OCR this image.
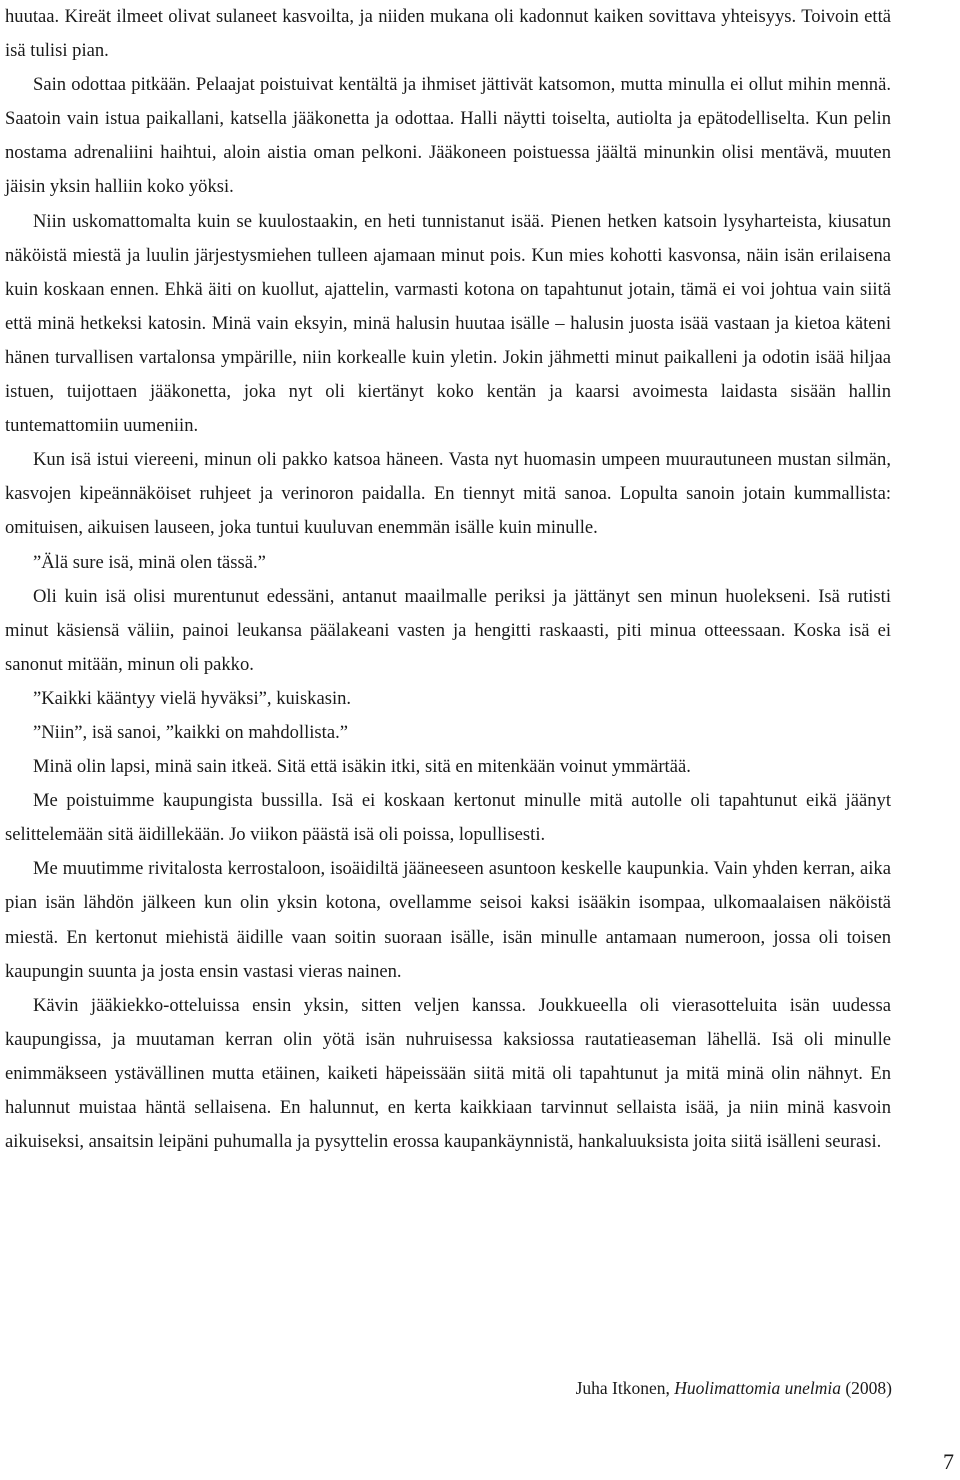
huutaa. Kireät ilmeet olivat sulaneet kasvoilta, ja niiden mukana oli kadonnut kaiken sovittava yhteisyys. Toivoin että isä tulisi pian.

Sain odottaa pitkään. Pelaajat poistuivat kentältä ja ihmiset jättivät katsomon, mutta minulla ei ollut mihin mennä. Saatoin vain istua paikallani, katsella jääkonetta ja odottaa. Halli näytti toiselta, autiolta ja epätodelliselta. Kun pelin nostama adrenaliini haihtui, aloin aistia oman pelkoni. Jääkoneen poistuessa jäältä minunkin olisi mentävä, muuten jäisin yksin halliin koko yöksi.

Niin uskomattomalta kuin se kuulostaakin, en heti tunnistanut isää. Pienen hetken katsoin lysyharteista, kiusatun näköistä miestä ja luulin järjestysmiehen tulleen ajamaan minut pois. Kun mies kohotti kasvonsa, näin isän erilaisena kuin koskaan ennen. Ehkä äiti on kuollut, ajattelin, varmasti kotona on tapahtunut jotain, tämä ei voi johtua vain siitä että minä hetkeksi katosin. Minä vain eksyin, minä halusin huutaa isälle – halusin juosta isää vastaan ja kietoa käteni hänen turvallisen vartalonsa ympärille, niin korkealle kuin yletin. Jokin jähmetti minut paikalleni ja odotin isää hiljaa istuen, tuijottaen jääkonetta, joka nyt oli kiertänyt koko kentän ja kaarsi avoimesta laidasta sisään hallin tuntemattomiin uumeniin.

Kun isä istui viereeni, minun oli pakko katsoa häneen. Vasta nyt huomasin umpeen muurautuneen mustan silmän, kasvojen kipeännäköiset ruhjeet ja verinoron paidalla. En tiennyt mitä sanoa. Lopulta sanoin jotain kummallista: omituisen, aikuisen lauseen, joka tuntui kuuluvan enemmän isälle kuin minulle.

”Älä sure isä, minä olen tässä.”

Oli kuin isä olisi murentunut edessäni, antanut maailmalle periksi ja jättänyt sen minun huolekseni. Isä rutisti minut käsiensä väliin, painoi leukansa päälakeani vasten ja hengitti raskaasti, piti minua otteessaan. Koska isä ei sanonut mitään, minun oli pakko.

”Kaikki kääntyy vielä hyväksi”, kuiskasin.

”Niin”, isä sanoi, ”kaikki on mahdollista.”

Minä olin lapsi, minä sain itkeä. Sitä että isäkin itki, sitä en mitenkään voinut ymmärtää.

Me poistuimme kaupungista bussilla. Isä ei koskaan kertonut minulle mitä autolle oli tapahtunut eikä jäänyt selittelemään sitä äidillekään. Jo viikon päästä isä oli poissa, lopullisesti.

Me muutimme rivitalosta kerrostaloon, isoäidiltä jääneeseen asuntoon keskelle kaupunkia. Vain yhden kerran, aika pian isän lähdön jälkeen kun olin yksin kotona, ovellamme seisoi kaksi isääkin isompaa, ulkomaalaisen näköistä miestä. En kertonut miehistä äidille vaan soitin suoraan isälle, isän minulle antamaan numeroon, jossa oli toisen kaupungin suunta ja josta ensin vastasi vieras nainen.

Kävin jääkiekko-otteluissa ensin yksin, sitten veljen kanssa. Joukkueella oli vierasotteluita isän uudessa kaupungissa, ja muutaman kerran olin yötä isän nuhruisessa kaksiossa rautatieaseman lähellä. Isä oli minulle enimmäkseen ystävällinen mutta etäinen, kaiketi häpeissään siitä mitä oli tapahtunut ja mitä minä olin nähnyt. En halunnut muistaa häntä sellaisena. En halunnut, en kerta kaikkiaan tarvinnut sellaista isää, ja niin minä kasvoin aikuiseksi, ansaitsin leipäni puhumalla ja pysyttelin erossa kaupankäynnistä, hankaluuksista joita siitä isälleni seurasi.

Juha Itkonen, Huolimattomia unelmia (2008)
7
